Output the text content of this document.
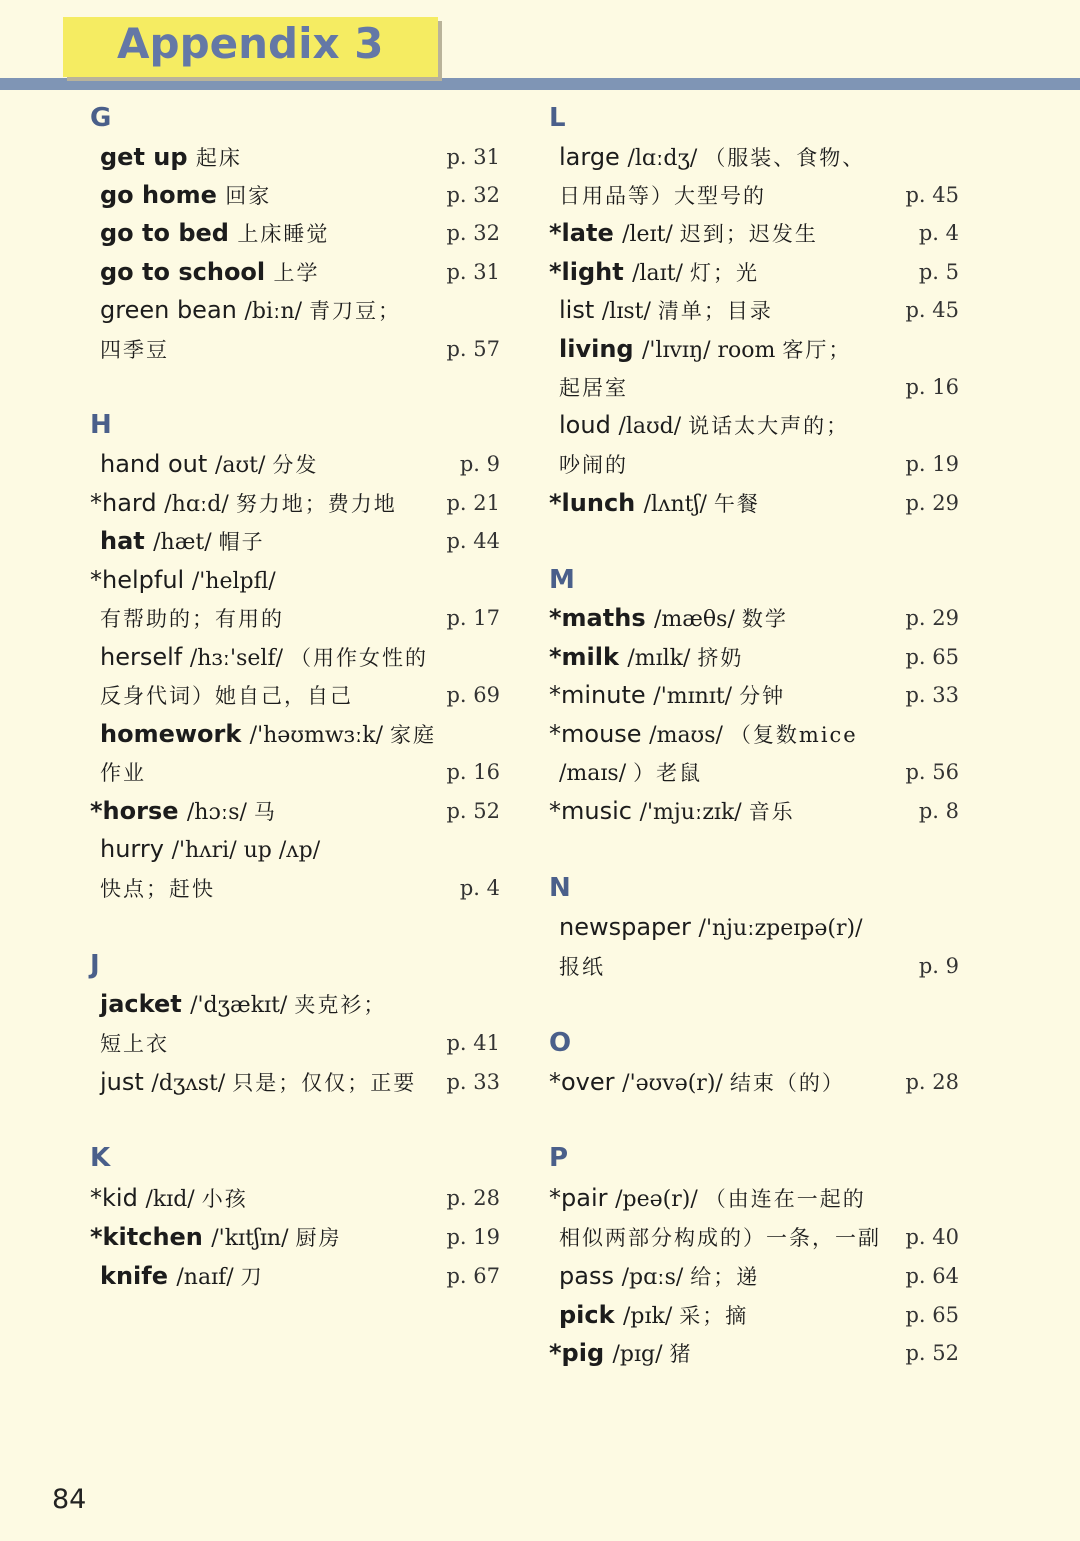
Appendix 3
G
get up 起床	p. 31
go home 回家	p. 32
go to bed 上床睡觉	p. 32
go to school 上学	p. 31
green bean /biːn/ 青刀豆；
四季豆	p. 57
H
hand out /aʊt/ 分发	p. 9
*hard /hɑːd/ 努力地；费力地 p. 21
hat /hæt/ 帽子	p. 44
*helpful /'helpfl/
有帮助的；有用的	p. 17
herself /hɜː'self/ （用作女性的
反身代词）她自己，自己	p. 69
homework /'həʊmwɜːk/ 家庭
作业	p. 16
*horse /hɔːs/ 马	p. 52
hurry /'hʌri/ up /ʌp/
快点；赶快	p. 4
J
jacket /'dʒækɪt/ 夹克衫；
短上衣	p. 41
just /dʒʌst/ 只是；仅仅；正要 p. 33
K
*kid /kɪd/ 小孩	p. 28
*kitchen /'kɪtʃɪn/ 厨房	p. 19
knife /naɪf/ 刀	p. 67
L
large /lɑːdʒ/ （服装、食物、
日用品等）大型号的	p. 45
*late /leɪt/ 迟到；迟发生	p. 4
*light /laɪt/ 灯；光	p. 5
list /lɪst/ 清单；目录	p. 45
living /'lɪvɪŋ/ room 客厅；
起居室	p. 16
loud /laʊd/ 说话太大声的；
吵闹的	p. 19
*lunch /lʌntʃ/ 午餐	p. 29
M
*maths /mæθs/ 数学	p. 29
*milk /mɪlk/ 挤奶	p. 65
*minute /'mɪnɪt/ 分钟	p. 33
*mouse /maʊs/ （复数mice
/maɪs/ ）老鼠	p. 56
*music /'mjuːzɪk/ 音乐	p. 8
N
newspaper /'njuːzpeɪpə(r)/
报纸	p. 9
O
*over /'əʊvə(r)/ 结束（的）	p. 28
P
*pair /peə(r)/ （由连在一起的
相似两部分构成的）一条，一副 p. 40
pass /pɑːs/ 给；递	p. 64
pick /pɪk/ 采；摘	p. 65
*pig /pɪg/ 猪	p. 52
84
